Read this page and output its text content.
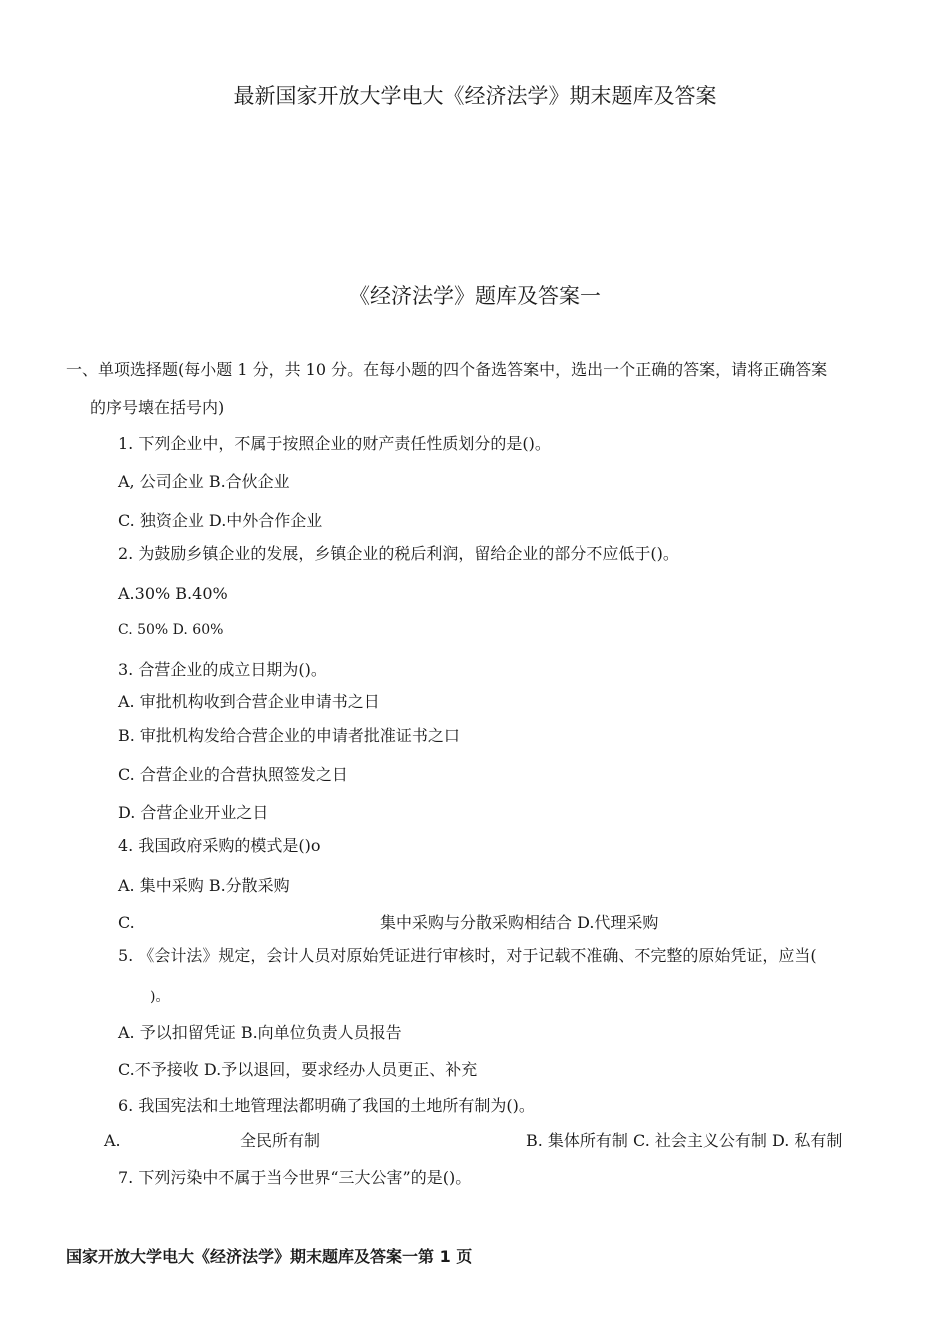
最新国家开放大学电大《经济法学》期末题库及答案
《经济法学》题库及答案一
一、单项选择题(每小题 1 分，共 10 分。在每小题的四个备选答案中，选出一个正确的答案，请将正确答案
的序号壊在括号内)
1. 下列企业中，不属于按照企业的财产责任性质划分的是()。
A, 公司企业 B.合伙企业
C. 独资企业 D.中外合作企业
2. 为鼓励乡镇企业的发展，乡镇企业的税后利润，留给企业的部分不应低于()。
A.30% B.40%
C. 50% D. 60%
3. 合营企业的成立日期为()。
A. 审批机构收到合营企业申请书之日
B. 审批机构发给合营企业的申请者批准证书之口
C. 合营企业的合营执照签发之日
D. 合营企业开业之日
4. 我国政府采购的模式是()o
A. 集中采购 B.分散采购
C.	集中采购与分散采购相结合 D.代理采购
5. 《会计法》规定，会计人员对原始凭证进行审核时，对于记载不准确、不完整的原始凭证，应当(
)。
A. 予以扣留凭证 B.向单位负责人员报告
C.不予接收 D.予以退回，要求经办人员更正、补充
6. 我国宪法和土地管理法都明确了我国的土地所有制为()。
A.	全民所有制	B. 集体所有制 C. 社会主义公有制 D. 私有制
7. 下列污染中不属于当今世界“三大公害”的是()。
国家开放大学电大《经济法学》期末题库及答案一第 1 页
